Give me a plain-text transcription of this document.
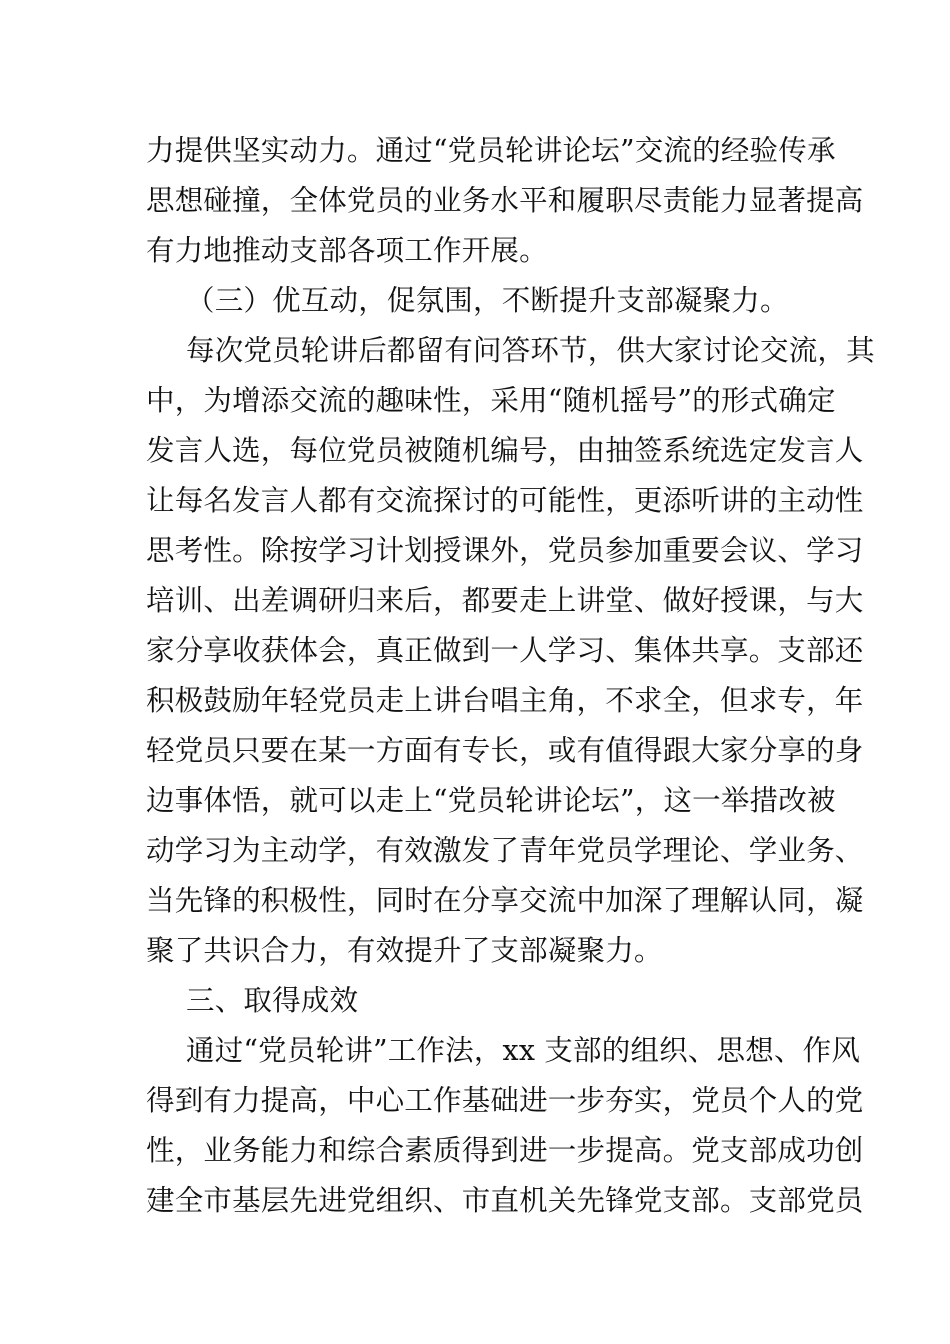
力提供坚实动力。通过“党员轮讲论坛”交流的经验传承
思想碰撞，全体党员的业务水平和履职尽责能力显著提高
有力地推动支部各项工作开展。
（三）优互动，促氛围，不断提升支部凝聚力。
每次党员轮讲后都留有问答环节，供大家讨论交流，其
中，为增添交流的趣味性，采用“随机摇号”的形式确定
发言人选，每位党员被随机编号，由抽签系统选定发言人
让每名发言人都有交流探讨的可能性，更添听讲的主动性
思考性。除按学习计划授课外，党员参加重要会议、学习
培训、出差调研归来后，都要走上讲堂、做好授课，与大
家分享收获体会，真正做到一人学习、集体共享。支部还
积极鼓励年轻党员走上讲台唱主角，不求全，但求专，年
轻党员只要在某一方面有专长，或有值得跟大家分享的身
边事体悟，就可以走上“党员轮讲论坛”，这一举措改被
动学习为主动学，有效激发了青年党员学理论、学业务、
当先锋的积极性，同时在分享交流中加深了理解认同，凝
聚了共识合力，有效提升了支部凝聚力。
三、取得成效
通过“党员轮讲”工作法，xx 支部的组织、思想、作风
得到有力提高，中心工作基础进一步夯实，党员个人的党
性，业务能力和综合素质得到进一步提高。党支部成功创
建全市基层先进党组织、市直机关先锋党支部。支部党员
